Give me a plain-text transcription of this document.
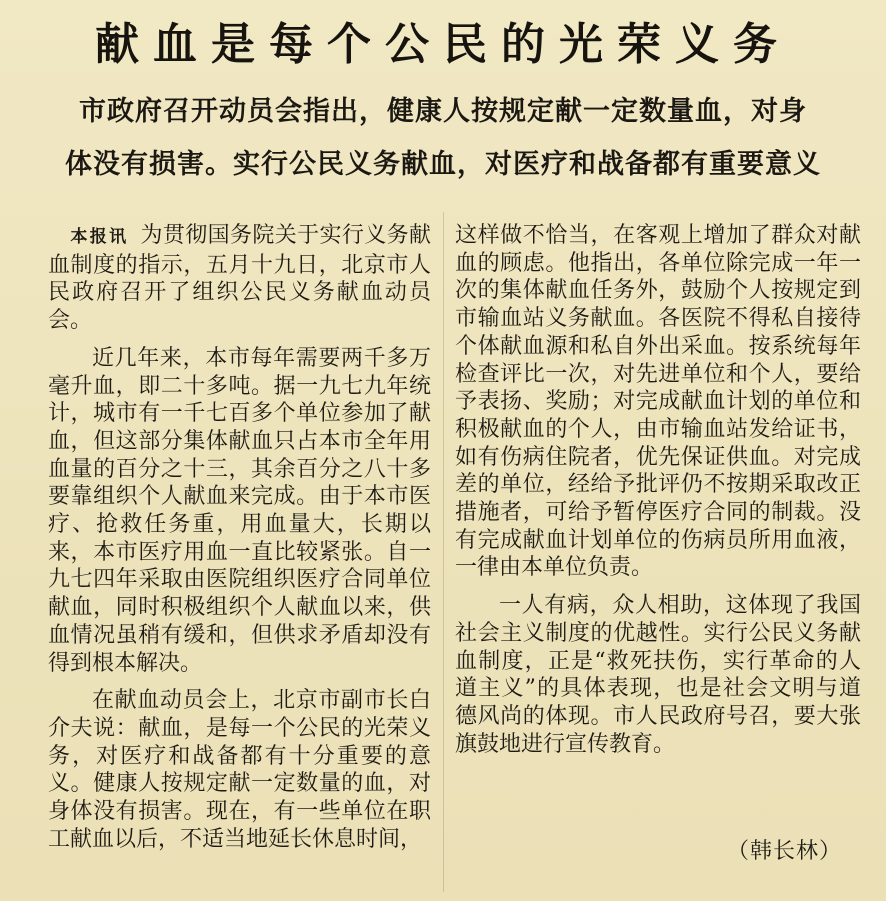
献血是每个公民的光荣义务
市政府召开动员会指出，健康人按规定献一定数量血，对身
体没有损害。实行公民义务献血，对医疗和战备都有重要意义

本报讯 为贯彻国务院关于实行义务献血制度的指示，五月十九日，北京市人民政府召开了组织公民义务献血动员会。

近几年来，本市每年需要两千多万毫升血，即二十多吨。据一九七九年统计，城市有一千七百多个单位参加了献血，但这部分集体献血只占本市全年用血量的百分之十三，其余百分之八十多要靠组织个人献血来完成。由于本市医疗、抢救任务重，用血量大，长期以来，本市医疗用血一直比较紧张。自一九七四年采取由医院组织医疗合同单位献血，同时积极组织个人献血以来，供血情况虽稍有缓和，但供求矛盾却没有得到根本解决。

在献血动员会上，北京市副市长白介夫说：献血，是每一个公民的光荣义务，对医疗和战备都有十分重要的意义。健康人按规定献一定数量的血，对身体没有损害。现在，有一些单位在职工献血以后，不适当地延长休息时间，

这样做不恰当，在客观上增加了群众对献血的顾虑。他指出，各单位除完成一年一次的集体献血任务外，鼓励个人按规定到市输血站义务献血。各医院不得私自接待个体献血源和私自外出采血。按系统每年检查评比一次，对先进单位和个人，要给予表扬、奖励；对完成献血计划的单位和积极献血的个人，由市输血站发给证书，如有伤病住院者，优先保证供血。对完成差的单位，经给予批评仍不按期采取改正措施者，可给予暂停医疗合同的制裁。没有完成献血计划单位的伤病员所用血液，一律由本单位负责。

一人有病，众人相助，这体现了我国社会主义制度的优越性。实行公民义务献血制度，正是“救死扶伤，实行革命的人道主义”的具体表现，也是社会文明与道德风尚的体现。市人民政府号召，要大张旗鼓地进行宣传教育。

（韩长林）
